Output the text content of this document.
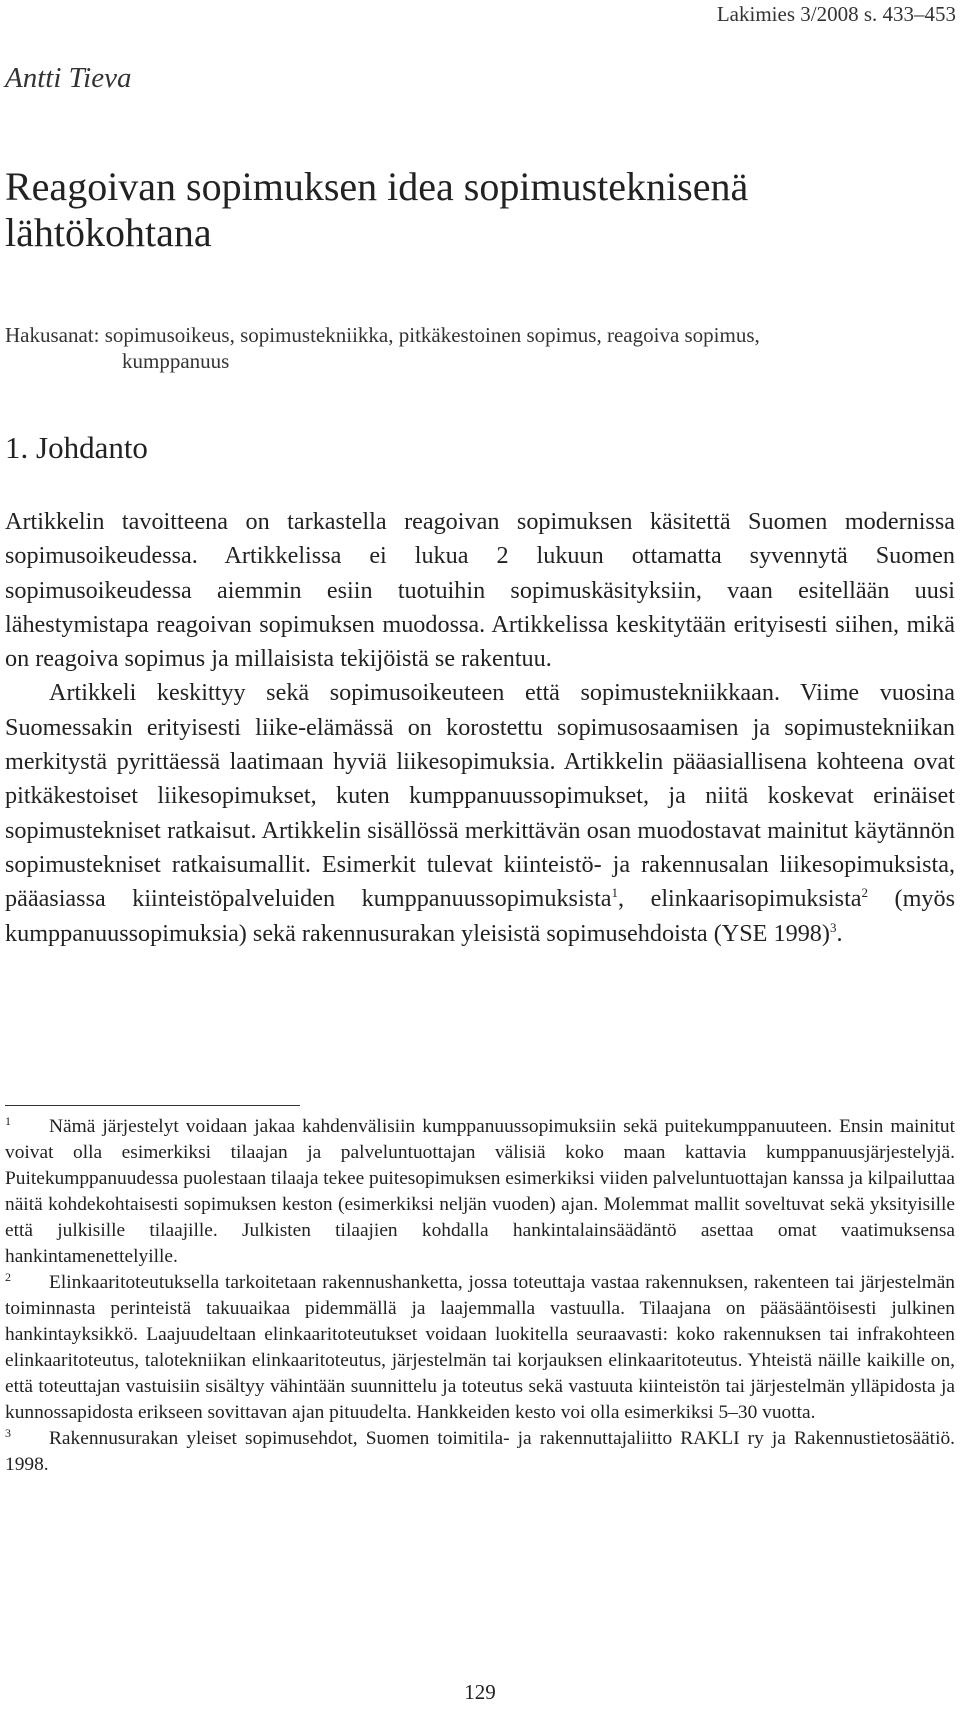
Lakimies 3/2008 s. 433–453
Antti Tieva
Reagoivan sopimuksen idea sopimusteknisenä lähtökohtana
Hakusanat: sopimusoikeus, sopimustekniikka, pitkäkestoinen sopimus, reagoiva sopimus,
kumppanuus
1. Johdanto

Artikkelin tavoitteena on tarkastella reagoivan sopimuksen käsitettä Suomen modernissa sopimusoikeudessa. Artikkelissa ei lukua 2 lukuun ottamatta syvennytä Suomen sopimusoikeudessa aiemmin esiin tuotuihin sopimuskäsityksiin, vaan esitellään uusi lähestymistapa reagoivan sopimuksen muodossa. Artikkelissa keskitytään erityisesti siihen, mikä on reagoiva sopimus ja millaisista tekijöistä se rakentuu.

Artikkeli keskittyy sekä sopimusoikeuteen että sopimustekniikkaan. Viime vuosina Suomessakin erityisesti liike-elämässä on korostettu sopimusosaamisen ja sopimustekniikan merkitystä pyrittäessä laatimaan hyviä liikesopimuksia. Artikkelin pääasiallisena kohteena ovat pitkäkestoiset liikesopimukset, kuten kumppanuussopimukset, ja niitä koskevat erinäiset sopimustekniset ratkaisut. Artikkelin sisällössä merkittävän osan muodostavat mainitut käytännön sopimustekniset ratkaisumallit. Esimerkit tulevat kiinteistö- ja rakennusalan liikesopimuksista, pääasiassa kiinteistöpalveluiden kumppanuussopimuksista$^1$, elinkaarisopimuksista$^2$ (myös kumppanuussopimuksia) sekä rakennusurakan yleisistä sopimusehdoista (YSE 1998)$^3$.

1 Nämä järjestelyt voidaan jakaa kahdenvälisiin kumppanuussopimuksiin sekä puitekumppanuuteen. Ensin mainitut voivat olla esimerkiksi tilaajan ja palveluntuottajan välisiä koko maan kattavia kumppanuusjärjestelyjä. Puitekumppanuudessa puolestaan tilaaja tekee puitesopimuksen esimerkiksi viiden palveluntuottajan kanssa ja kilpailuttaa näitä kohdekohtaisesti sopimuksen keston (esimerkiksi neljän vuoden) ajan. Molemmat mallit soveltuvat sekä yksityisille että julkisille tilaajille. Julkisten tilaajien kohdalla hankintalainsäädäntö asettaa omat vaatimuksensa hankintamenettelyille.

2 Elinkaaritoteutuksella tarkoitetaan rakennushanketta, jossa toteuttaja vastaa rakennuksen, rakenteen tai järjestelmän toiminnasta perinteistä takuuaikaa pidemmällä ja laajemmalla vastuulla. Tilaajana on pääsääntöisesti julkinen hankintayksikkö. Laajuudeltaan elinkaaritoteutukset voidaan luokitella seuraavasti: koko rakennuksen tai infrakohteen elinkaaritoteutus, talotekniikan elinkaaritoteutus, järjestelmän tai korjauksen elinkaaritoteutus. Yhteistä näille kaikille on, että toteuttajan vastuisiin sisältyy vähintään suunnittelu ja toteutus sekä vastuuta kiinteistön tai järjestelmän ylläpidosta ja kunnossapidosta erikseen sovittavan ajan pituudelta. Hankkeiden kesto voi olla esimerkiksi 5–30 vuotta.

3 Rakennusurakan yleiset sopimusehdot, Suomen toimitila- ja rakennuttajaliitto RAKLI ry ja Rakennustietosäätiö. 1998.

129
